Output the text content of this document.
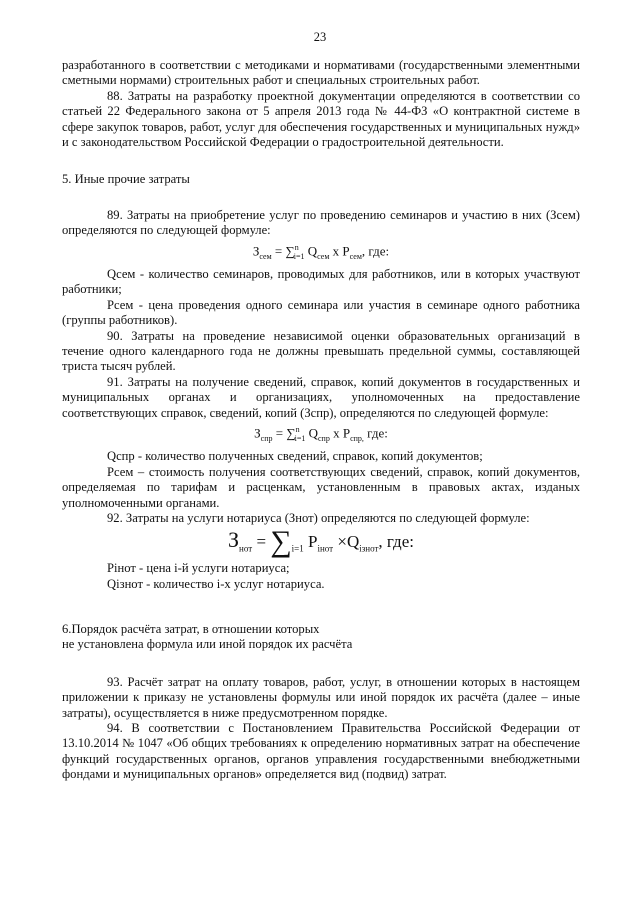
23

разработанного в соответствии с методиками и нормативами (государственными элементными сметными нормами) строительных работ и специальных строительных работ.

88. Затраты на разработку проектной документации определяются в соответствии со статьей 22 Федерального закона от 5 апреля 2013 года № 44-ФЗ «О контрактной системе в сфере закупок товаров, работ, услуг для обеспечения государственных и муниципальных нужд» и с законодательством Российской Федерации о градостроительной деятельности.

5. Иные прочие затраты

89. Затраты на приобретение услуг по проведению семинаров и участию в них (Зсем) определяются по следующей формуле:

$З_{сем} = \sum^n_{i=1}$ $Q_{сем}$ х $Р_{сем}$, где:

Qсем - количество семинаров, проводимых для работников, или в которых участвуют работники;

Рсем - цена проведения одного семинара или участия в семинаре одного работника (группы работников).

90. Затраты на проведение независимой оценки образовательных организаций в течение одного календарного года не должны превышать предельной суммы, составляющей триста тысяч рублей.

91. Затраты на получение сведений, справок, копий документов в государственных и муниципальных органах и организациях, уполномоченных на предоставление соответствующих справок, сведений, копий (Зспр), определяются по следующей формуле:

$З_{спр} = \sum^n_{i=1}$ $Q_{спр}$ х $Р_{спр,}$ где:

Qспр - количество полученных сведений, справок, копий документов;

Рсем – стоимость получения соответствующих сведений, справок, копий документов, определяемая по тарифам и расценкам, установленным в правовых актах, изданых уполномоченными органами.

92. Затраты на услуги нотариуса (Знот) определяются по следующей формуле:

$З_{нот} = \sum_{i=1}$ $P_{iнот} \times Q_{iзнот}$, где:

Рiнот - цена i-й услуги нотариуса;

Qiзнот - количество i-х услуг нотариуса.

6.Порядок расчёта затрат, в отношении которых

не установлена формула или иной порядок их расчёта

93. Расчёт затрат на оплату товаров, работ, услуг, в отношении которых в настоящем приложении к приказу не установлены формулы или иной порядок их расчёта (далее – иные затраты), осуществляется в ниже предусмотренном порядке.

94. В соответствии с Постановлением Правительства Российской Федерации от 13.10.2014 № 1047 «Об общих требованиях к определению нормативных затрат на обеспечение функций государственных органов, органов управления государственными внебюджетными фондами и муниципальных органов» определяется вид (подвид) затрат.
